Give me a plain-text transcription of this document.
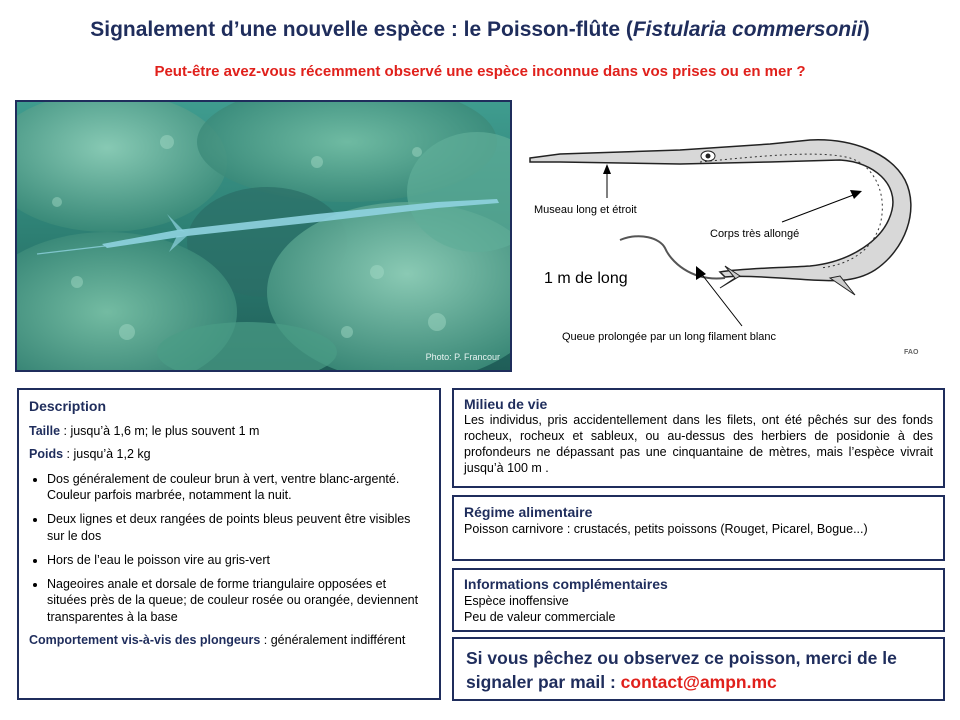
Signalement d’une nouvelle espèce : le Poisson-flûte (Fistularia commersonii)
Peut-être avez-vous récemment observé une espèce inconnue dans vos prises ou en mer ?
Photo: P. Francour
Museau long et étroit
Corps très allongé
1 m de long
Queue prolongée par un long filament blanc
FAO

Description

Taille : jusqu’à 1,6 m; le plus souvent 1 m

Poids : jusqu’à 1,2 kg

• Dos généralement de couleur brun à vert, ventre blanc-argenté. Couleur parfois marbrée, notamment la nuit.
• Deux lignes et deux rangées de points bleus peuvent être visibles sur le dos
• Hors de l’eau le poisson vire au gris-vert
• Nageoires anale et dorsale de forme triangulaire opposées et situées près de la queue; de couleur rosée ou orangée, deviennent transparentes à la base

Comportement vis-à-vis des plongeurs : généralement indifférent

Milieu de vie
Les individus, pris accidentellement dans les filets, ont été pêchés sur des fonds rocheux, rocheux et sableux, ou au-dessus des herbiers de posidonie à des profondeurs ne dépassant pas une cinquantaine de mètres, mais l’espèce vivrait jusqu’à 100 m .
Régime alimentaire
Poisson carnivore : crustacés, petits poissons (Rouget, Picarel, Bogue...)
Informations complémentaires
Espèce inoffensive
Peu de valeur commerciale
Si vous pêchez ou observez ce poisson, merci de le signaler par mail : contact@ampn.mc
